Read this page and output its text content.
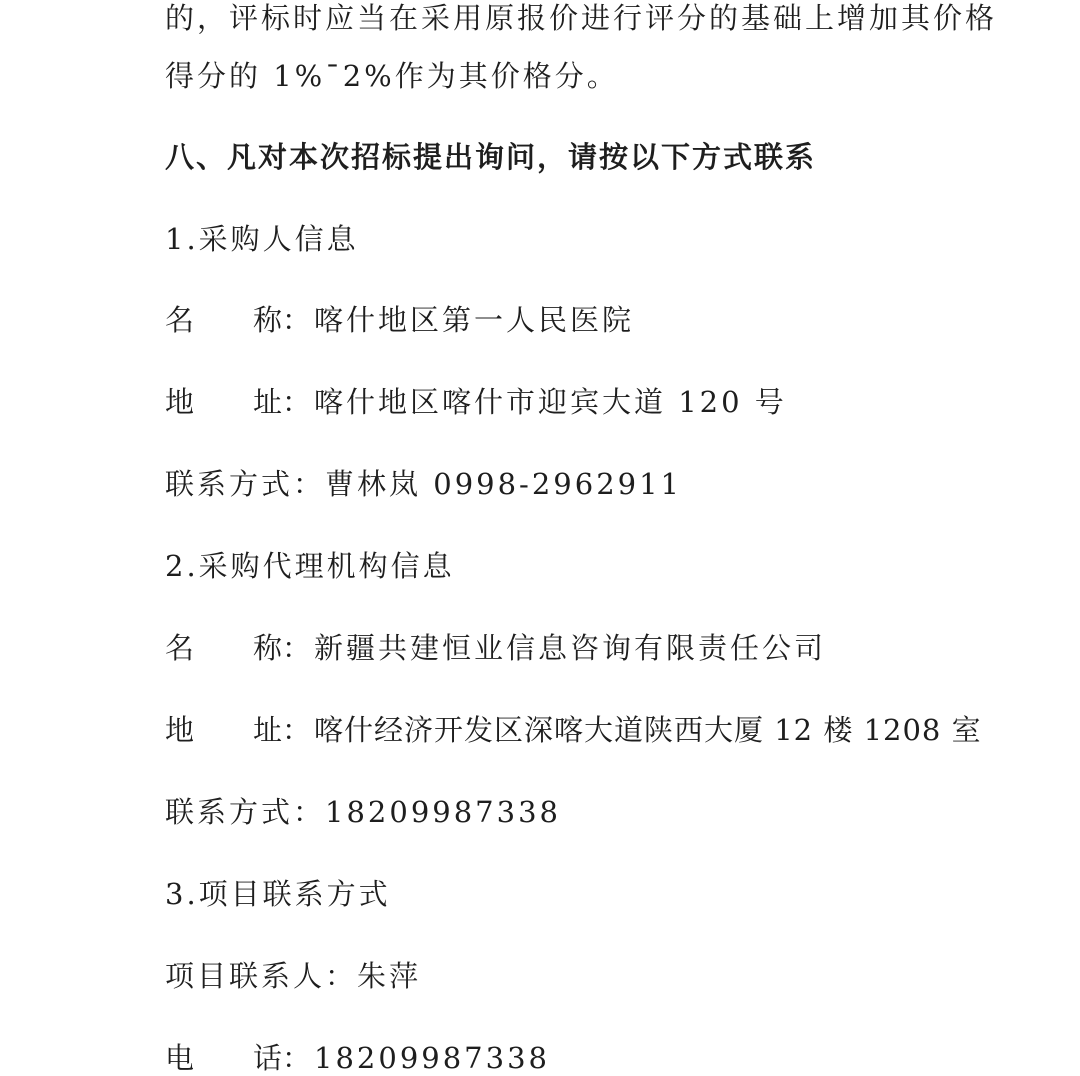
的，评标时应当在采用原报价进行评分的基础上增加其价格
得分的 1%¯2%作为其价格分。
八、凡对本次招标提出询问，请按以下方式联系
1.采购人信息
名 称：喀什地区第一人民医院
地 址：喀什地区喀什市迎宾大道 120 号
联系方式：曹林岚 0998-2962911
2.采购代理机构信息
名 称：新疆共建恒业信息咨询有限责任公司
地 址：喀什经济开发区深喀大道陕西大厦 12 楼 1208 室
联系方式：18209987338
3.项目联系方式
项目联系人：朱萍
电 话：18209987338
